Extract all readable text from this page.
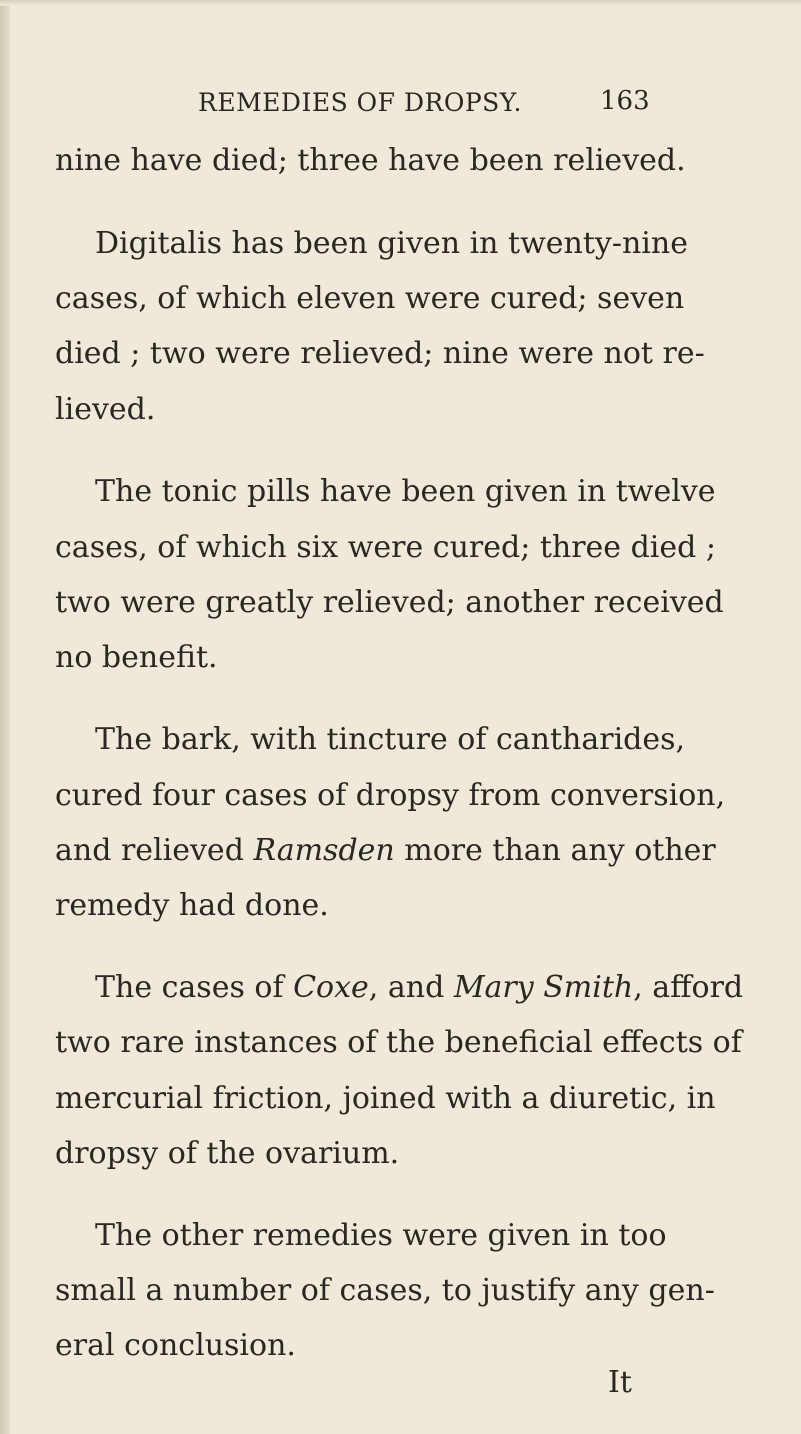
REMEDIES OF DROPSY.	163
nine have died; three have been relieved.
Digitalis has been given in twenty-nine
cases, of which eleven were cured; seven
died ; two were relieved; nine were not re-
lieved.
The tonic pills have been given in twelve
cases, of which six were cured; three died ;
two were greatly relieved; another received
no benefit.
The bark, with tincture of cantharides,
cured four cases of dropsy from conversion,
and relieved Ramsden more than any other
remedy had done.
The cases of Coxe, and Mary Smith, afford
two rare instances of the beneficial effects of
mercurial friction, joined with a diuretic, in
dropsy of the ovarium.
The other remedies were given in too
small a number of cases, to justify any gen-
eral conclusion.
It
